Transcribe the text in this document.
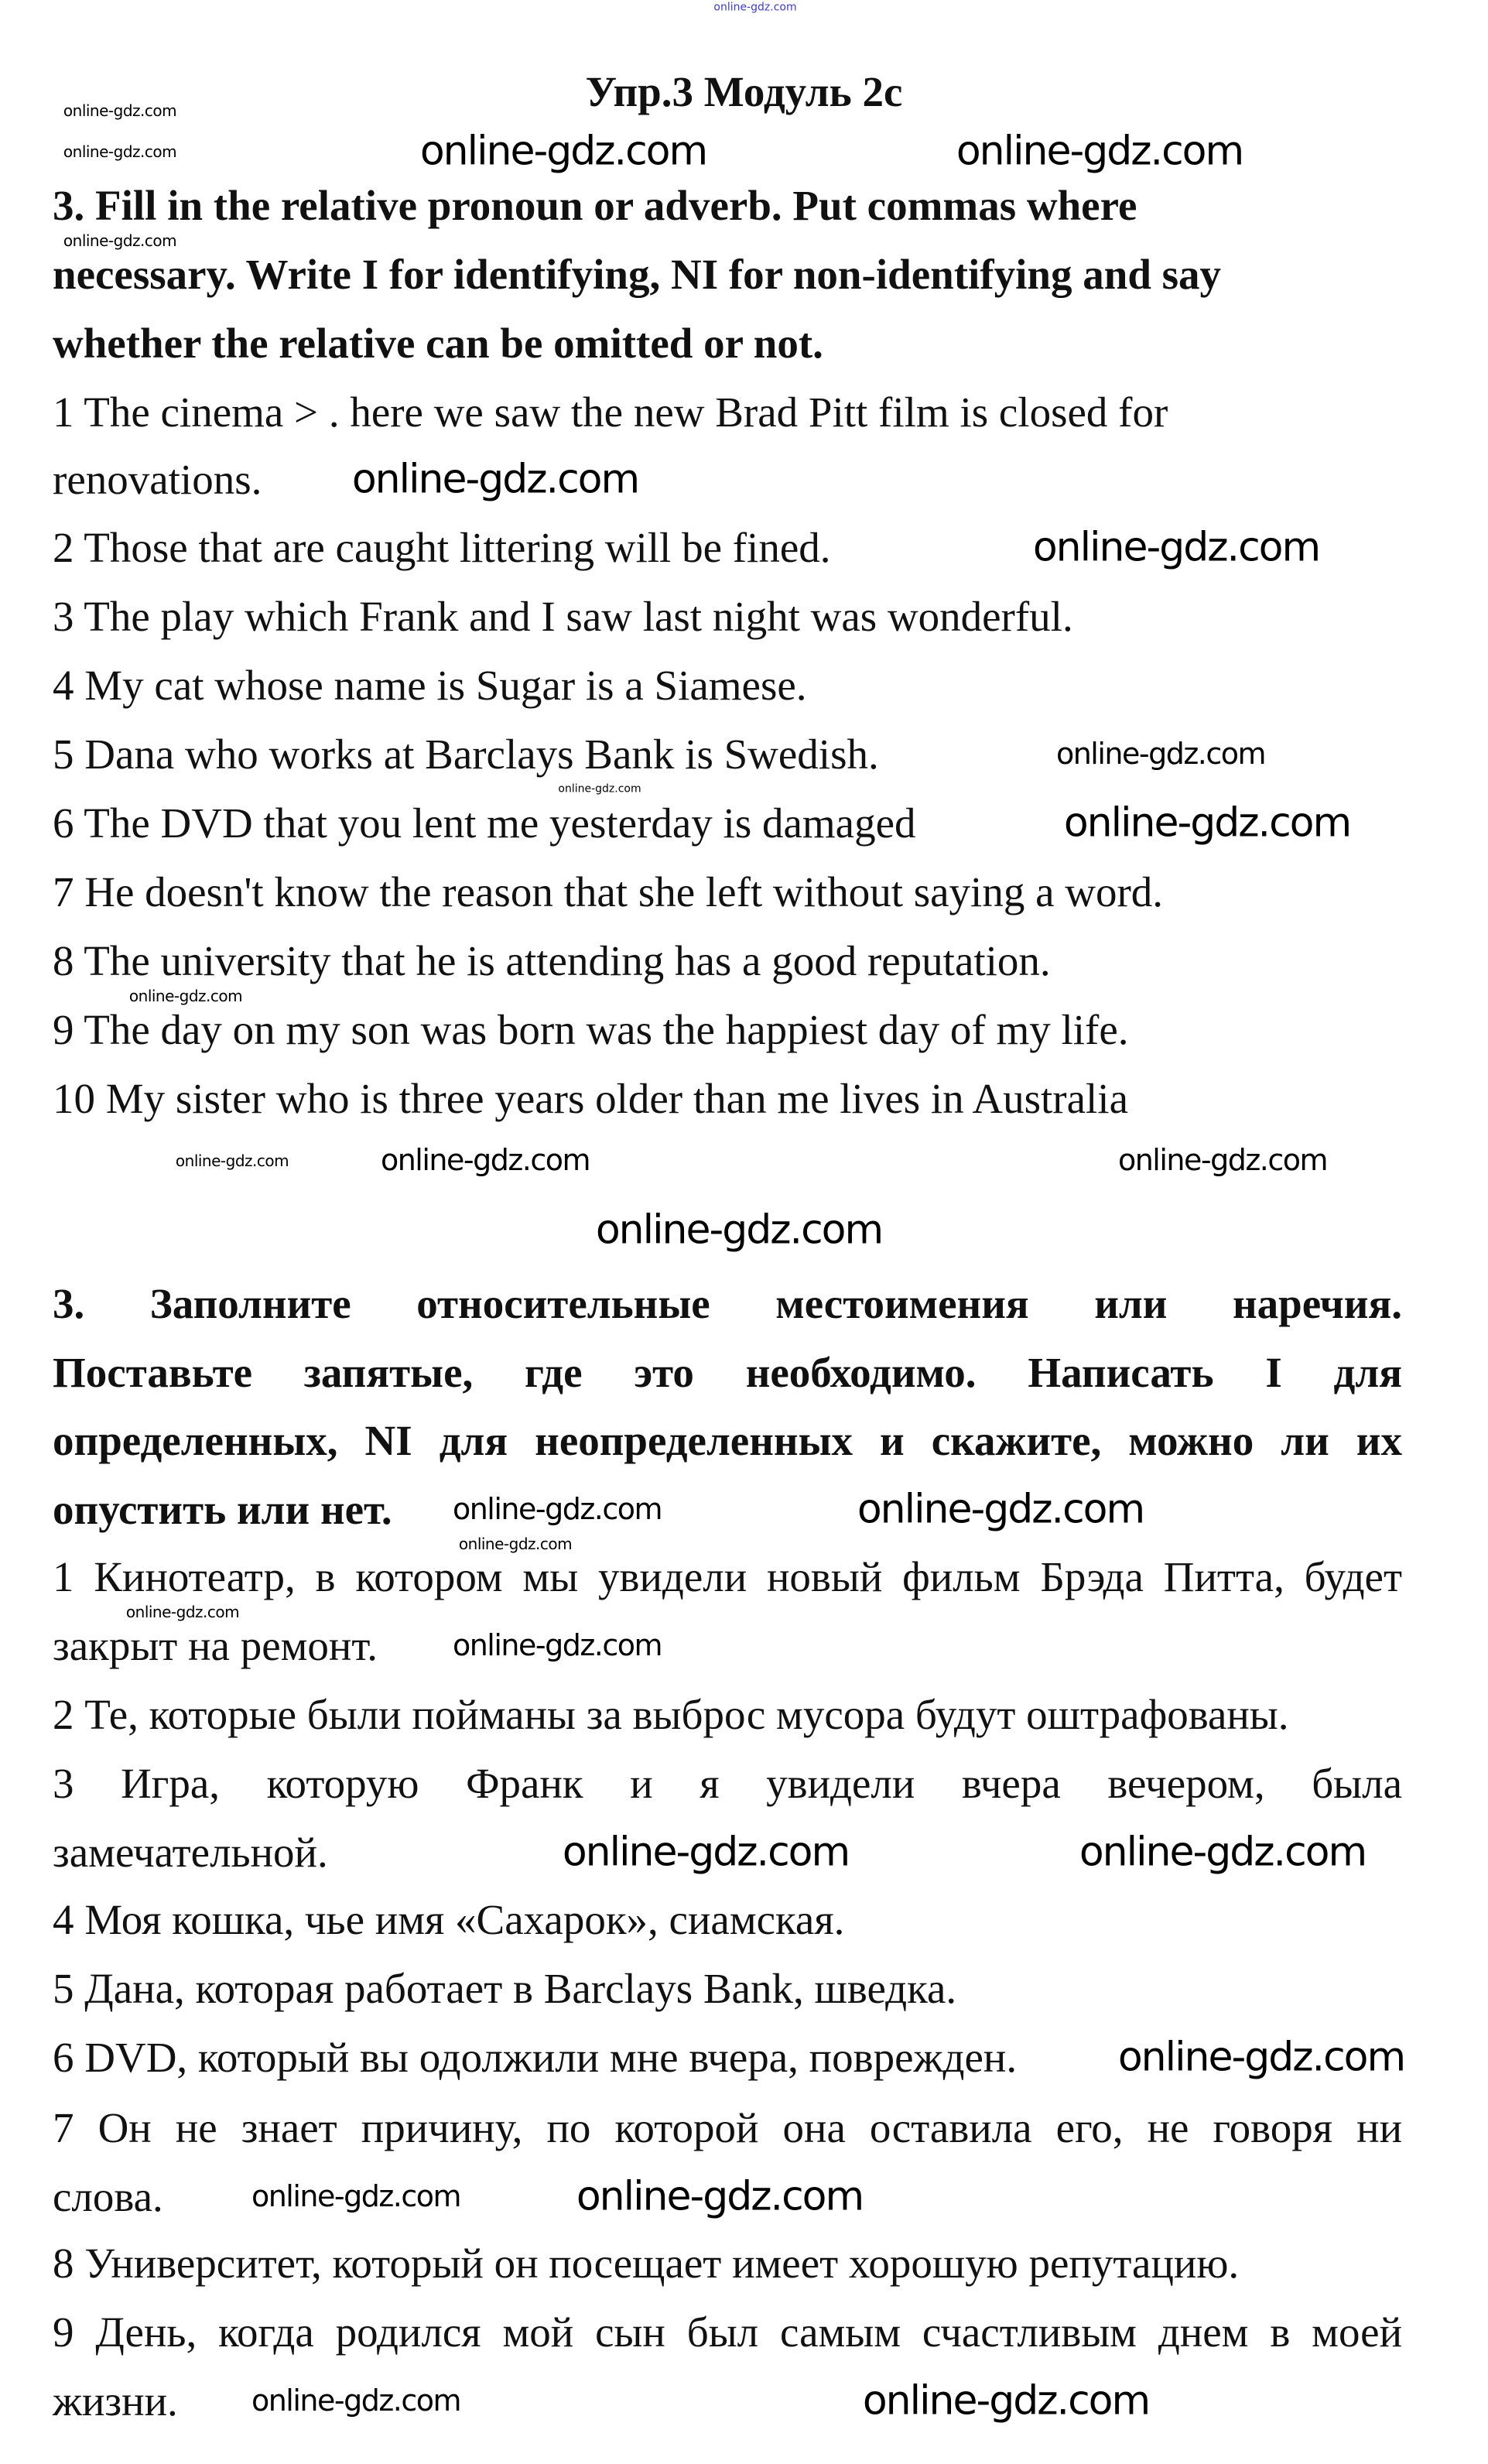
Упр.3 Модуль 2с
3. Fill in the relative pronoun or adverb. Put commas where
necessary. Write I for identifying, NI for non-identifying and say
whether the relative can be omitted or not.
1 The cinema > . here we saw the new Brad Pitt film is closed for
renovations.
2 Those that are caught littering will be fined.
3 The play which Frank and I saw last night was wonderful.
4 My cat whose name is Sugar is a Siamese.
5 Dana who works at Barclays Bank is Swedish.
6 The DVD that you lent me yesterday is damaged
7 He doesn't know the reason that she left without saying a word.
8 The university that he is attending has a good reputation.
9 The day on my son was born was the happiest day of my life.
10 My sister who is three years older than me lives in Australia
3. Заполните относительные местоимения или наречия.
Поставьте запятые, где это необходимо. Написать I для
определенных, NI для неопределенных и скажите, можно ли их
опустить или нет.
1 Кинотеатр, в котором мы увидели новый фильм Брэда Питта, будет
закрыт на ремонт.
2 Те, которые были пойманы за выброс мусора будут оштрафованы.
3 Игра, которую Франк и я увидели вчера вечером, была
замечательной.
4 Моя кошка, чье имя «Сахарок», сиамская.
5 Дана, которая работает в Barclays Bank, шведка.
6 DVD, который вы одолжили мне вчера, поврежден.
7 Он не знает причину, по которой она оставила его, не говоря ни
слова.
8 Университет, который он посещает имеет хорошую репутацию.
9 День, когда родился мой сын был самым счастливым днем в моей
жизни.
online-gdz.com
online-gdz.com
online-gdz.com
online-gdz.com
online-gdz.com	online-gdz.com
online-gdz.com
online-gdz.com
online-gdz.com
online-gdz.com
online-gdz.com
online-gdz.com
online-gdz.com	online-gdz.com
online-gdz.com
online-gdz.com
online-gdz.com	online-gdz.com
online-gdz.com
online-gdz.com
online-gdz.com
online-gdz.com	online-gdz.com
online-gdz.com
online-gdz.com	online-gdz.com
online-gdz.com	online-gdz.com
